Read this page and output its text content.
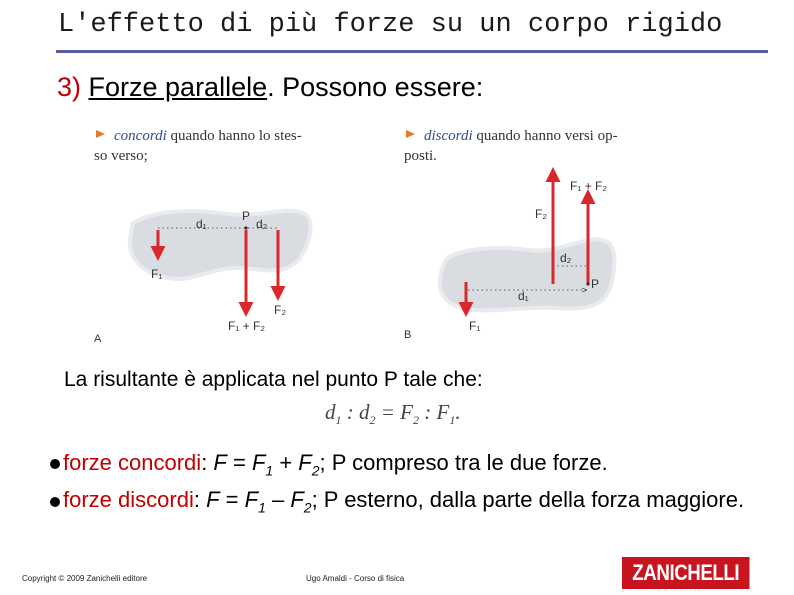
L'effetto di più forze su un corpo rigido
3) Forze parallele. Possono essere:
concordi quando hanno lo stes-
so verso;
P
d₁	d₂
F₁
F₂
F₁ + F₂
A
discordi quando hanno versi op-
posti.
P
d₁
d₂
F₁
F₂
F₁ + F₂
B
La risultante è applicata nel punto P tale che:
$d_1$ : $d_2 = F_2$ : $F_1$.
forze concordi: $F = F_1 + F_2$; P compreso tra le due forze.
forze discordi: $F = F_1 - F_2$; P esterno, dalla parte della forza maggiore.
Copyright © 2009 Zanichelli editore	Ugo Amaldi - Corso di fisica	ZANICHELLI
